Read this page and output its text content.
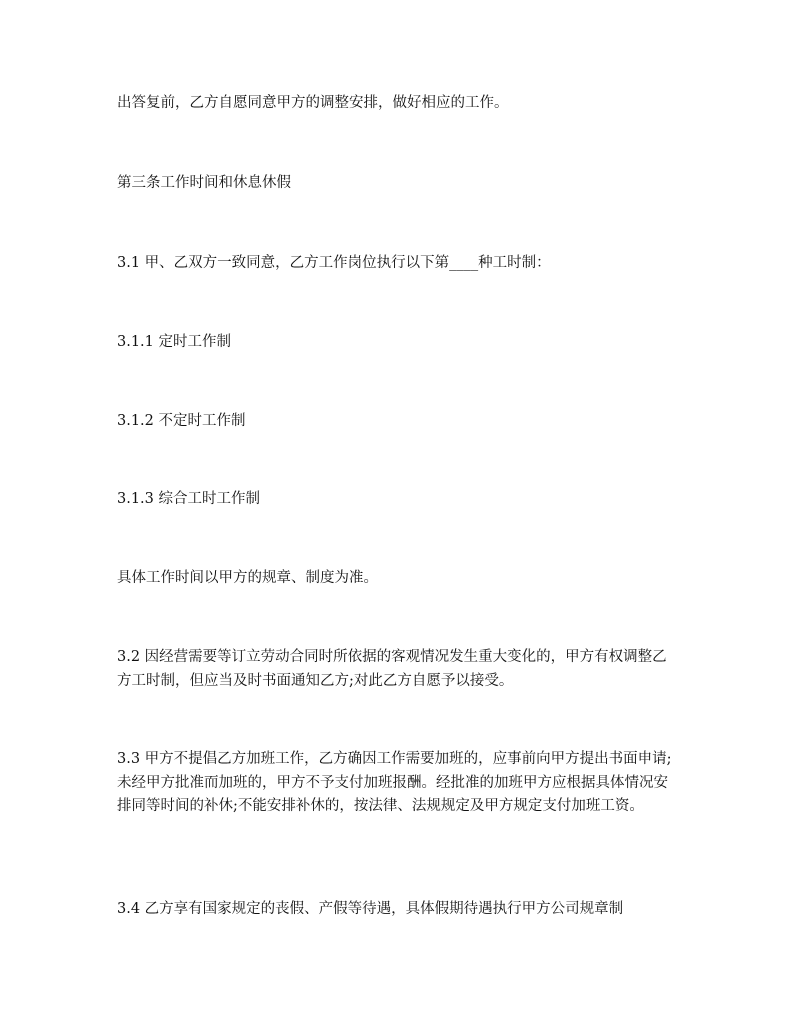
出答复前，乙方自愿同意甲方的调整安排，做好相应的工作。

第三条工作时间和休息休假

3.1 甲、乙双方一致同意，乙方工作岗位执行以下第____种工时制：

3.1.1 定时工作制

3.1.2 不定时工作制

3.1.3 综合工时工作制

具体工作时间以甲方的规章、制度为准。

3.2 因经营需要等订立劳动合同时所依据的客观情况发生重大变化的，甲方有权调整乙方工时制，但应当及时书面通知乙方;对此乙方自愿予以接受。

3.3 甲方不提倡乙方加班工作，乙方确因工作需要加班的，应事前向甲方提出书面申请;未经甲方批准而加班的，甲方不予支付加班报酬。经批准的加班甲方应根据具体情况安排同等时间的补休;不能安排补休的，按法律、法规规定及甲方规定支付加班工资。

3.4 乙方享有国家规定的丧假、产假等待遇，具体假期待遇执行甲方公司规章制
